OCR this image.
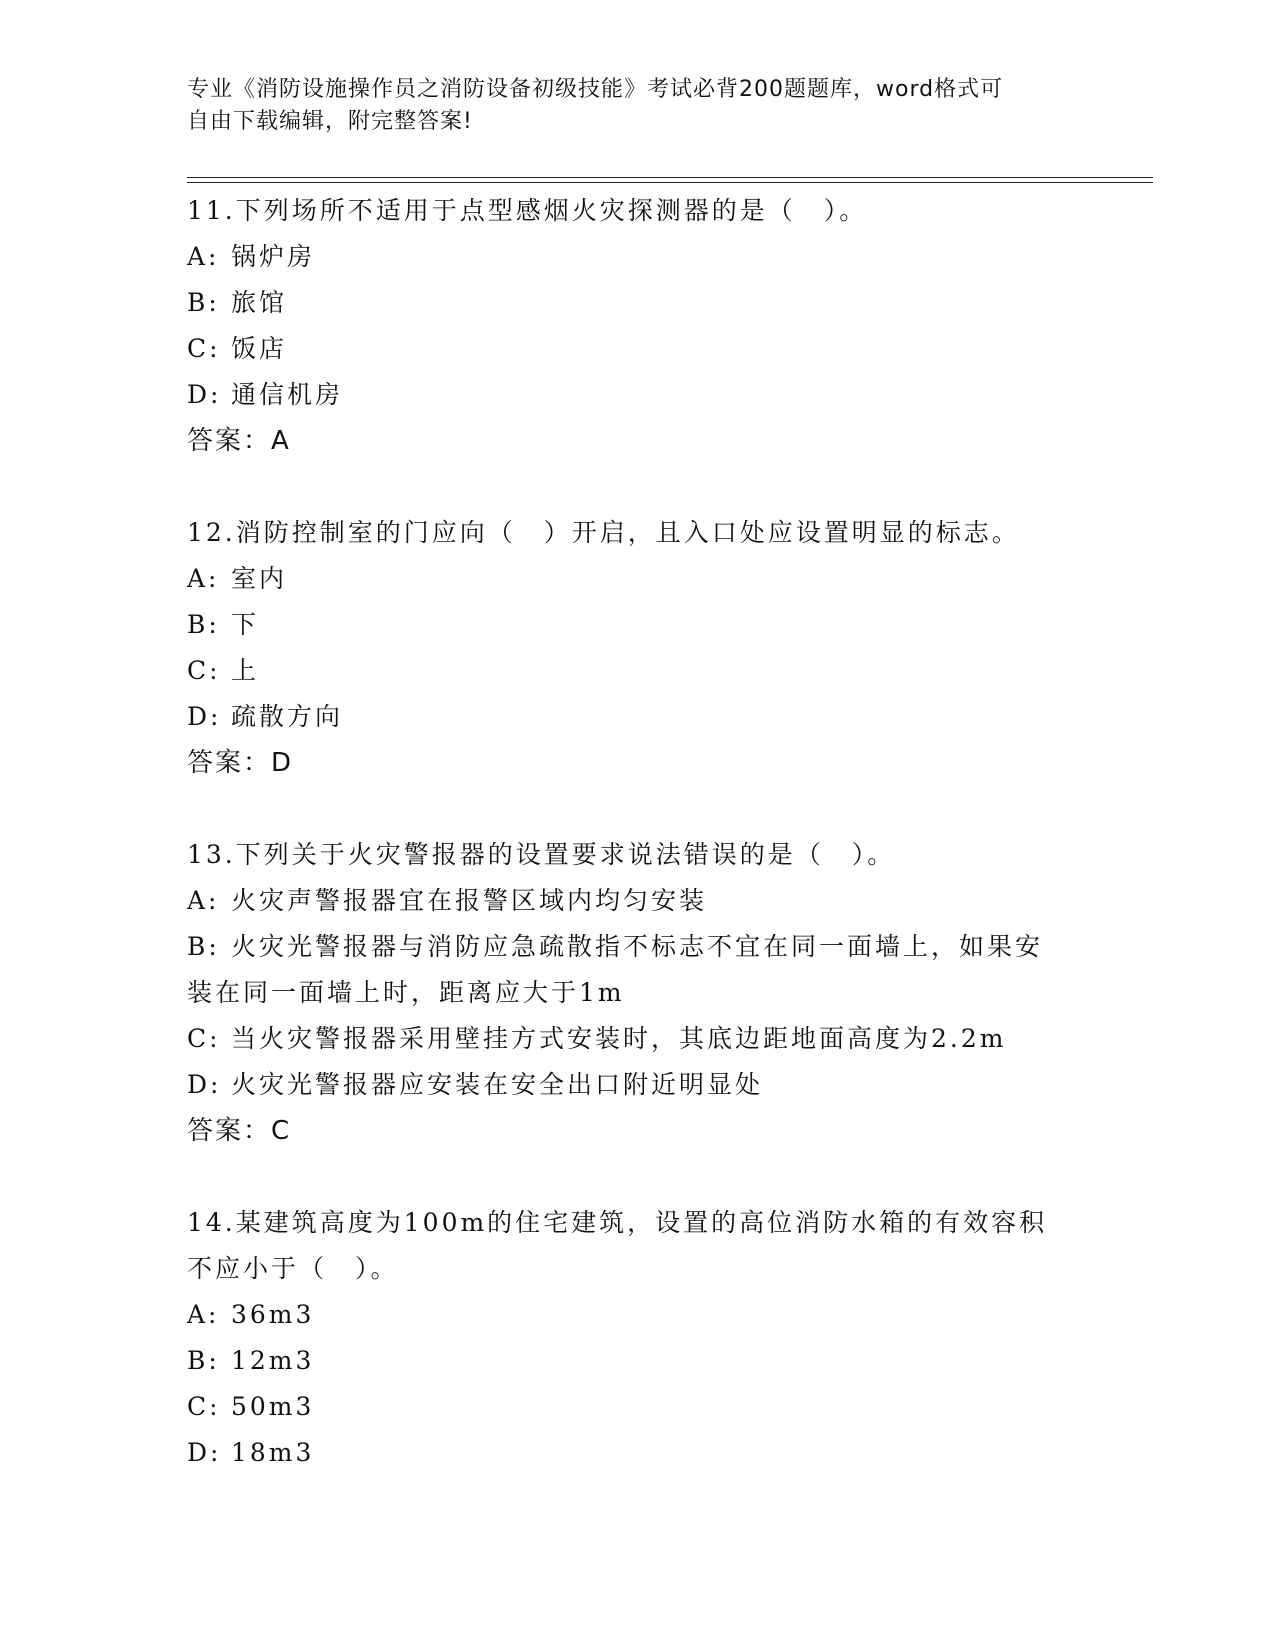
专业《消防设施操作员之消防设备初级技能》考试必背200题题库，word格式可
自由下载编辑，附完整答案!
11.下列场所不适用于点型感烟火灾探测器的是（　）。
A: 锅炉房
B: 旅馆
C: 饭店
D: 通信机房
答案：A
12.消防控制室的门应向（　）开启，且入口处应设置明显的标志。
A: 室内
B: 下
C: 上
D: 疏散方向
答案：D
13.下列关于火灾警报器的设置要求说法错误的是（　）。
A: 火灾声警报器宜在报警区域内均匀安装
B: 火灾光警报器与消防应急疏散指不标志不宜在同一面墙上，如果安
装在同一面墙上时，距离应大于1m
C: 当火灾警报器采用壁挂方式安装时，其底边距地面高度为2.2m
D: 火灾光警报器应安装在安全出口附近明显处
答案：C
14.某建筑高度为100m的住宅建筑，设置的高位消防水箱的有效容积
不应小于（　）。
A: 36m3
B: 12m3
C: 50m3
D: 18m3
